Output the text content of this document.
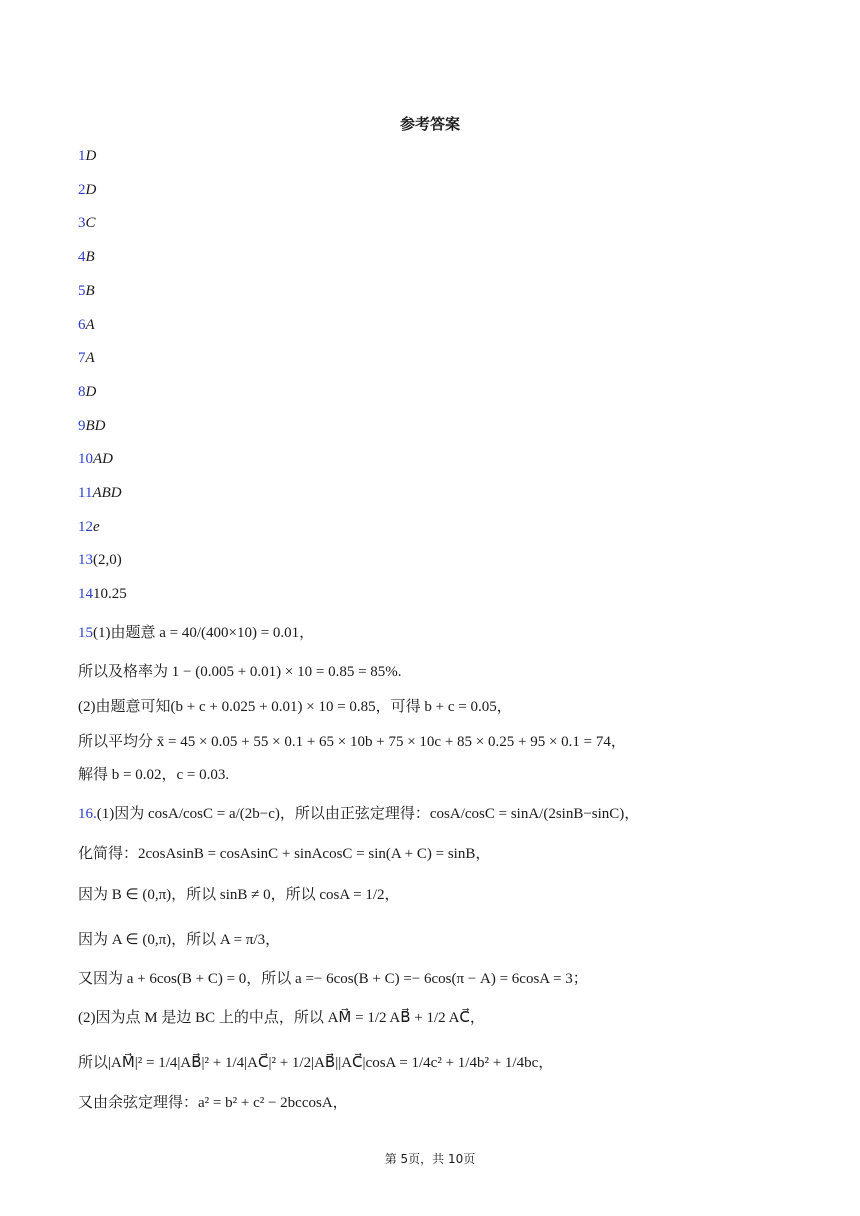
参考答案
1D
2D
3C
4B
5B
6A
7A
8D
9BD
10AD
11ABD
12e
13(2,0)
1410.25
15(1)由题意 a = 40/(400×10) = 0.01，
所以及格率为 1 − (0.005 + 0.01) × 10 = 0.85 = 85%.
(2)由题意可知(b + c + 0.025 + 0.01) × 10 = 0.85，可得 b + c = 0.05，
所以平均分 x̄ = 45 × 0.05 + 55 × 0.1 + 65 × 10b + 75 × 10c + 85 × 0.25 + 95 × 0.1 = 74，
解得 b = 0.02，c = 0.03.
16.(1)因为 cosA/cosC = a/(2b−c)，所以由正弦定理得：cosA/cosC = sinA/(2sinB−sinC)，
化简得：2cosAsinB = cosAsinC + sinAcosC = sin(A + C) = sinB，
因为 B ∈ (0,π)，所以 sinB ≠ 0，所以 cosA = 1/2，
因为 A ∈ (0,π)，所以 A = π/3，
又因为 a + 6cos(B + C) = 0，所以 a =− 6cos(B + C) =− 6cos(π − A) = 6cosA = 3；
(2)因为点 M 是边 BC 上的中点，所以 AM⃗ = 1/2 AB⃗ + 1/2 AC⃗，
所以|AM⃗|² = 1/4|AB⃗|² + 1/4|AC⃗|² + 1/2|AB⃗||AC⃗|cosA = 1/4c² + 1/4b² + 1/4bc，
又由余弦定理得：a² = b² + c² − 2bccosA，
第 5页，共 10页
